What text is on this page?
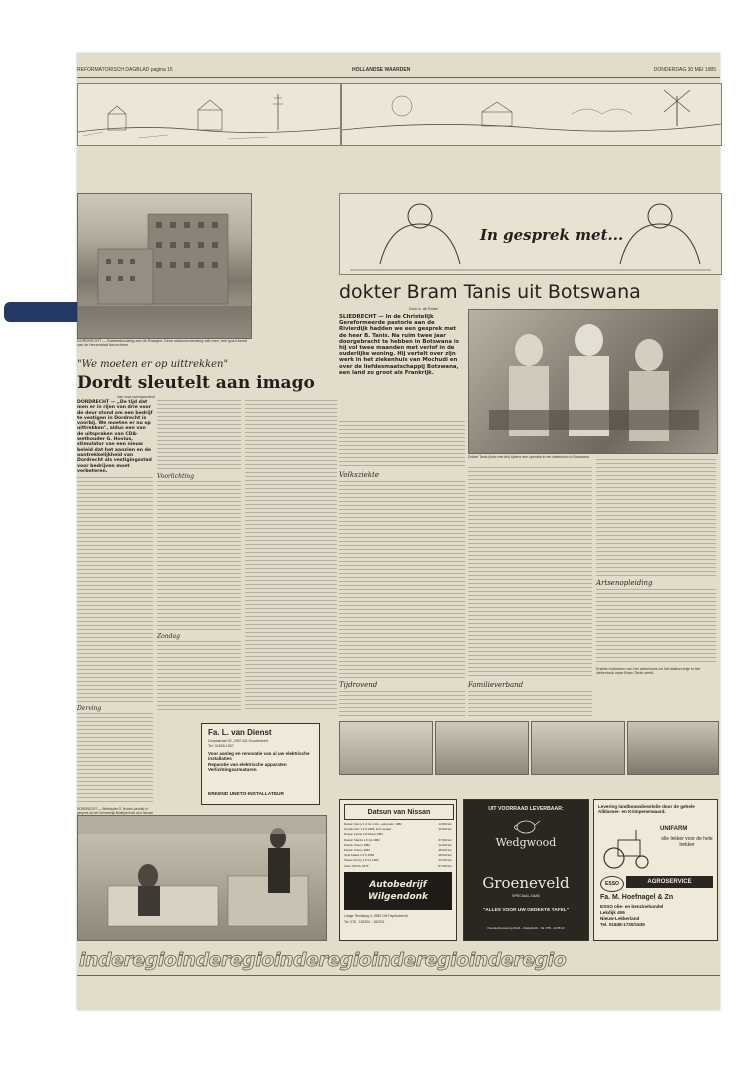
REFORMATORISCH DAGBLAD pagina 15	HOLLANDSE WAARDEN	DONDERDAG 30 MEI 1985
DORDRECHT — Kadebebouwing aan de Braaijen. Deze stadsvernieuwing valt mee, een goed beeld van de binnenstad bevorderen.
"We moeten er op uittrekken"
Dordt sleutelt aan imago
Van onze correspondent
DORDRECHT — „De tijd dat men er in rijen van drie voor de deur stond om een bedrijf te vestigen in Dordrecht is voorbij. We moeten er nu op uittrekken", aldus een van de uitspraken van CDA-wethouder G. Hovius, stimulator van een nieuw beleid dat het aanzien en de aantrekkelijkheid van Dordrecht als vestigingsstad voor bedrijven moet verbeteren.
Derving
DORDRECHT — Wethouder G. Hovius (rechts) in gesprek op het Gemeenlijk Bedrijvenhuis voor nieuwe
Voorlichting
Zondag
Fa. L. van Dienst
Dorpsstraat 32, 2957 AG Goudeweert
Tel. 01828-1507
Voor aanleg en renovatie van al uw elektrische installaties
Reparatie van elektrische apparaten
Verlichtingsarmaturen
ERKEND UNETO-INSTALLATEUR
In gesprek met...
dokter Bram Tanis uit Botswana
Door A. de Ruiter
SLIEDRECHT — In de Christelijk Gereformeerde pastorie aan de Rivierdijk hadden we een gesprek met de heer B. Tanis. Na ruim twee jaar doorgebracht te hebben in Botswana is hij vol twee maanden met verlof in de ouderlijke woning. Hij vertelt over zijn werk in het ziekenhuis van Mochudi en over de liefdesmaatschappij Botswana, een land zo groot als Frankrijk.
Volksziekte
Tijdrovend
Dokter Tanis (links met bril) tijdens een operatie in het ziekenhuis in Botswana.
Familieverband
Artsenopleiding
Enkele indrukken van het ziekenhuis en het stationnetje in het ziekenhuis waar Bram Tanis werkt.
Datsun van Nissan
Datsun Sunny 1.4 GL 4 drs., automatic, 1982	12.950 km
Honda Civic 1.3 S 1980, licht metaal	45.000 km
Datsun Laurel 2.8 Diesel 1981
Datsun Stanza 1.6 GL 1982	67.000 km
Datsun Cherry 1982	42.000 km
Datsun Cherry 1983	38.000 km
Opel Kadett 1.3 S 1983	28.000 km
Nissan Sunny 1.5 GL 1983	22.000 km
Volvo 343 DL 1979	87.000 km
Autobedrijf Wilgendonk
Lange Tiendweg 4, 2953 CM Papendrecht
Tel. 078 - 152200 - 152201
UIT VOORRAAD LEVERBAAR:
Wedgwood
Groeneveld
SPECIAAL ZAAK
"ALLES VOOR UW GEDEKTE TAFEL"
Noordenbrennering 39-41 - Zwijndrecht - Tel. 078 - 12 88 10
Levering landbouwdieselolie door de gehele Alblasser- en Krimpenerwaard.
UNIFARM
olie lekker voor de hele trekker
ESSO	AGROSERVICE
Fa. M. Hoefnagel & Zn
ESSO olie- en benzinehandel
Lekdijk 406
Nieuw-Lekkerland
Tel. 01848-1730/1635
inderegioinderegioinderegioinderegioinderegio
